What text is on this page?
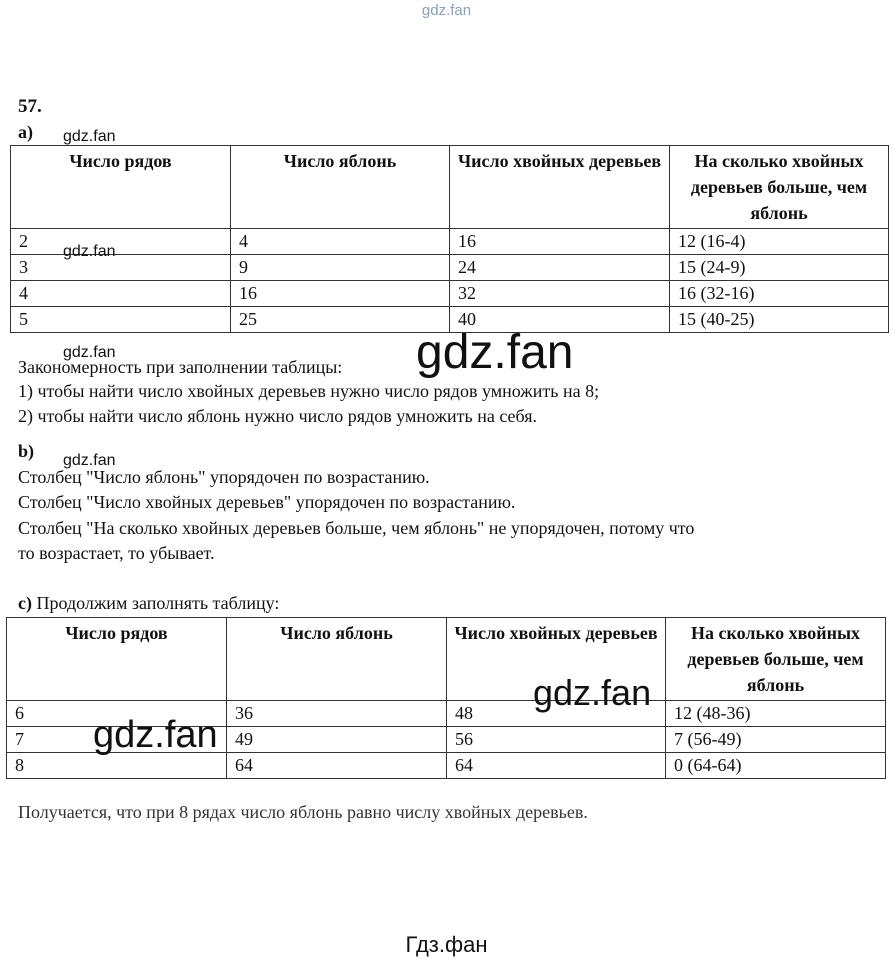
gdz.fan
57.
a)
Число рядов	Число яблонь	Число хвойных деревьев	На сколько хвойных деревьев больше, чем яблонь
2	4	16	12 (16-4)
3	9	24	15 (24-9)
4	16	32	16 (32-16)
5	25	40	15 (40-25)
Закономерность при заполнении таблицы:
1) чтобы найти число хвойных деревьев нужно число рядов умножить на 8;
2) чтобы найти число яблонь нужно число рядов умножить на себя.
b)
Столбец "Число яблонь" упорядочен по возрастанию.
Столбец "Число хвойных деревьев" упорядочен по возрастанию.
Столбец "На сколько хвойных деревьев больше, чем яблонь" не упорядочен, потому что
то возрастает, то убывает.
c) Продолжим заполнять таблицу:
Число рядов	Число яблонь	Число хвойных деревьев	На сколько хвойных деревьев больше, чем яблонь
6	36	48	12 (48-36)
7	49	56	7 (56-49)
8	64	64	0 (64-64)
Получается, что при 8 рядах число яблонь равно числу хвойных деревьев.
gdz.fan
gdz.fan
gdz.fan
gdz.fan
gdz.fan
gdz.fan
gdz.fan
Гдз.фан
